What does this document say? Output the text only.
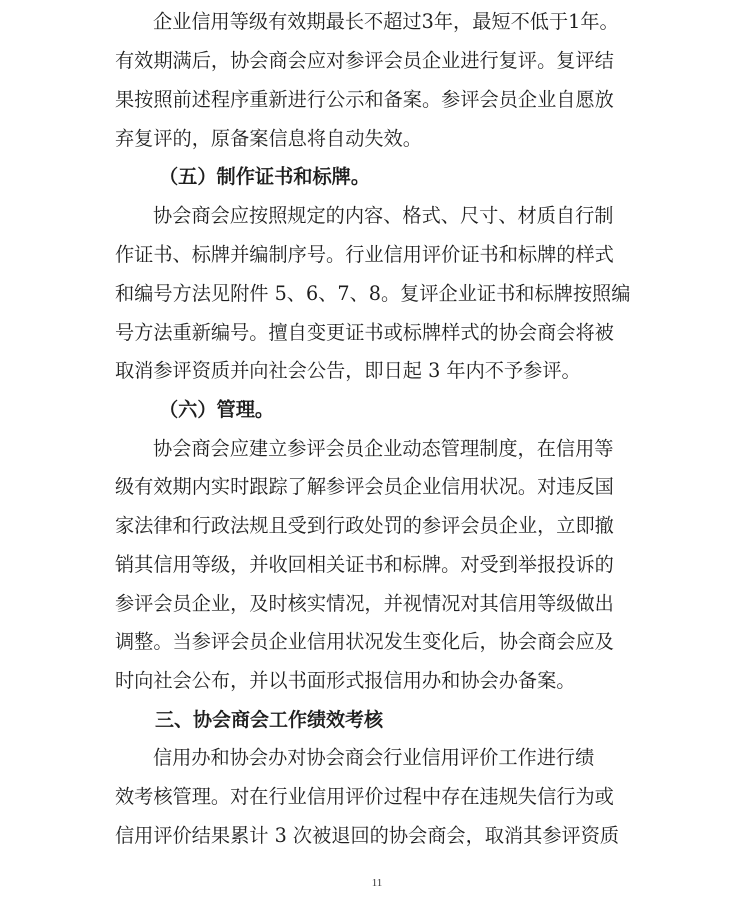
企业信用等级有效期最长不超过3年，最短不低于1年。
有效期满后，协会商会应对参评会员企业进行复评。复评结
果按照前述程序重新进行公示和备案。参评会员企业自愿放
弃复评的，原备案信息将自动失效。
（五）制作证书和标牌。
协会商会应按照规定的内容、格式、尺寸、材质自行制
作证书、标牌并编制序号。行业信用评价证书和标牌的样式
和编号方法见附件 5、6、7、8。复评企业证书和标牌按照编
号方法重新编号。擅自变更证书或标牌样式的协会商会将被
取消参评资质并向社会公告，即日起 3 年内不予参评。
（六）管理。
协会商会应建立参评会员企业动态管理制度，在信用等
级有效期内实时跟踪了解参评会员企业信用状况。对违反国
家法律和行政法规且受到行政处罚的参评会员企业，立即撤
销其信用等级，并收回相关证书和标牌。对受到举报投诉的
参评会员企业，及时核实情况，并视情况对其信用等级做出
调整。当参评会员企业信用状况发生变化后，协会商会应及
时向社会公布，并以书面形式报信用办和协会办备案。
三、协会商会工作绩效考核
信用办和协会办对协会商会行业信用评价工作进行绩
效考核管理。对在行业信用评价过程中存在违规失信行为或
信用评价结果累计 3 次被退回的协会商会，取消其参评资质
11
